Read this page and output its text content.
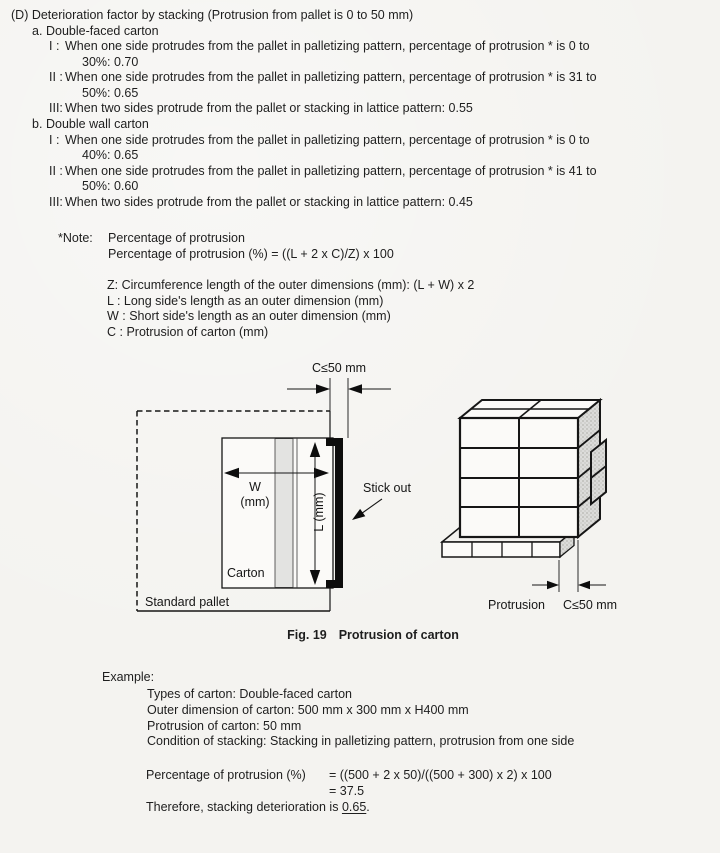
(D) Deterioration factor by stacking (Protrusion from pallet is 0 to 50 mm)
a. Double-faced carton
I : When one side protrudes from the pallet in palletizing pattern, percentage of protrusion * is 0 to
30%: 0.70
II : When one side protrudes from the pallet in palletizing pattern, percentage of protrusion * is 31 to
50%: 0.65
III: When two sides protrude from the pallet or stacking in lattice pattern: 0.55
b. Double wall carton
I : When one side protrudes from the pallet in palletizing pattern, percentage of protrusion * is 0 to
40%: 0.65
II : When one side protrudes from the pallet in palletizing pattern, percentage of protrusion * is 41 to
50%: 0.60
III: When two sides protrude from the pallet or stacking in lattice pattern: 0.45
*Note: Percentage of protrusion
Percentage of protrusion (%) = ((L + 2 x C)/Z) x 100
Z: Circumference length of the outer dimensions (mm): (L + W) x 2
L : Long side's length as an outer dimension (mm)
W : Short side's length as an outer dimension (mm)
C : Protrusion of carton (mm)
C≤50 mm
W
(mm)	L (mm)
Carton
Standard pallet
Stick out
Protrusion C≤50 mm
Fig. 19 Protrusion of carton
Example:
Types of carton: Double-faced carton
Outer dimension of carton: 500 mm x 300 mm x H400 mm
Protrusion of carton: 50 mm
Condition of stacking: Stacking in palletizing pattern, protrusion from one side
Percentage of protrusion (%) = ((500 + 2 x 50)/((500 + 300) x 2) x 100
= 37.5
Therefore, stacking deterioration is 0.65.
